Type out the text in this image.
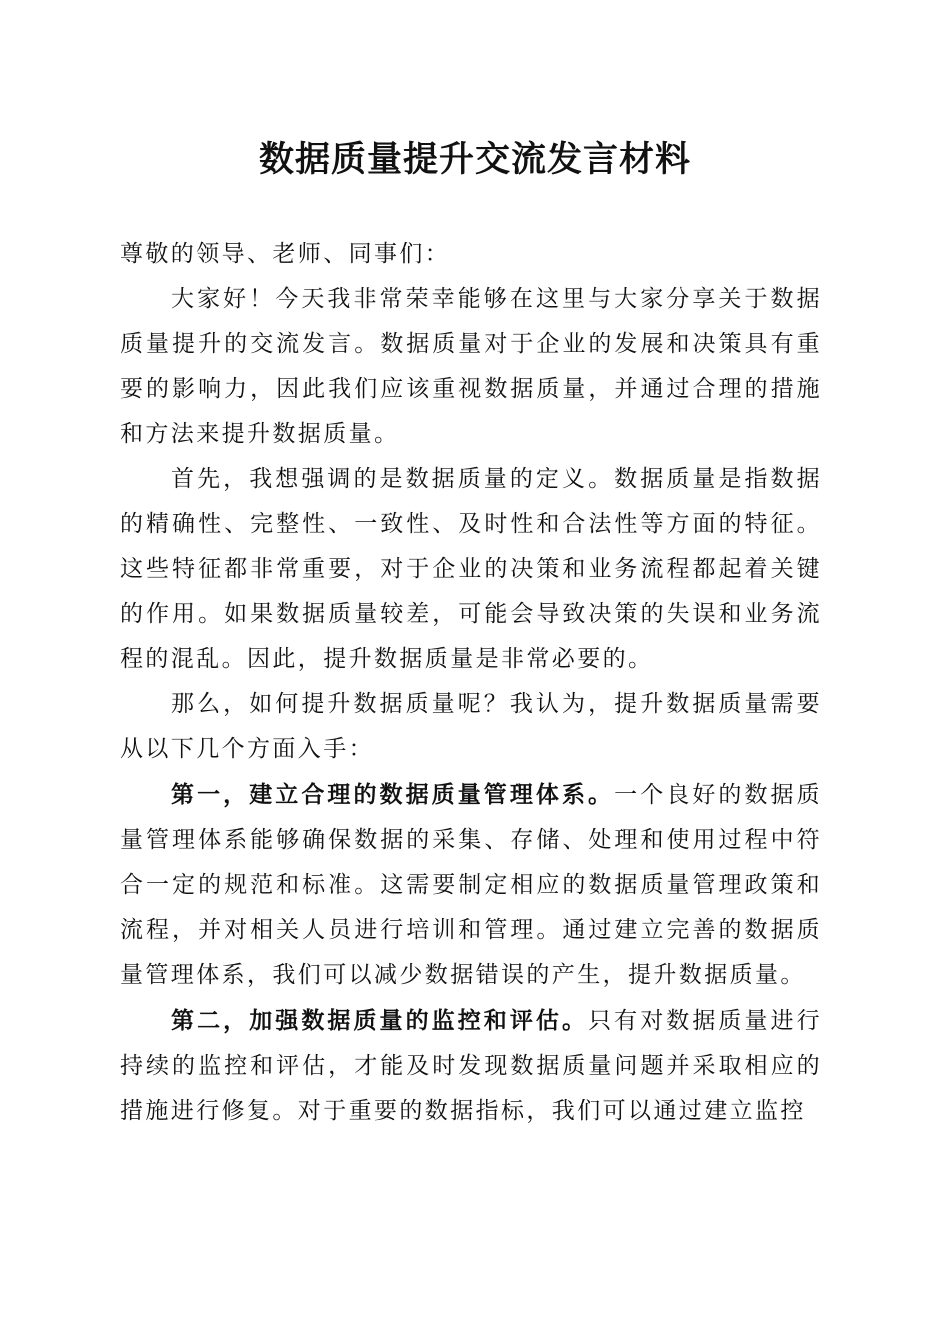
数据质量提升交流发言材料

尊敬的领导、老师、同事们：

大家好！今天我非常荣幸能够在这里与大家分享关于数据质量提升的交流发言。数据质量对于企业的发展和决策具有重要的影响力，因此我们应该重视数据质量，并通过合理的措施和方法来提升数据质量。

首先，我想强调的是数据质量的定义。数据质量是指数据的精确性、完整性、一致性、及时性和合法性等方面的特征。这些特征都非常重要，对于企业的决策和业务流程都起着关键的作用。如果数据质量较差，可能会导致决策的失误和业务流程的混乱。因此，提升数据质量是非常必要的。

那么，如何提升数据质量呢？我认为，提升数据质量需要从以下几个方面入手：

第一，建立合理的数据质量管理体系。一个良好的数据质量管理体系能够确保数据的采集、存储、处理和使用过程中符合一定的规范和标准。这需要制定相应的数据质量管理政策和流程，并对相关人员进行培训和管理。通过建立完善的数据质量管理体系，我们可以减少数据错误的产生，提升数据质量。

第二，加强数据质量的监控和评估。只有对数据质量进行持续的监控和评估，才能及时发现数据质量问题并采取相应的措施进行修复。对于重要的数据指标，我们可以通过建立监控
